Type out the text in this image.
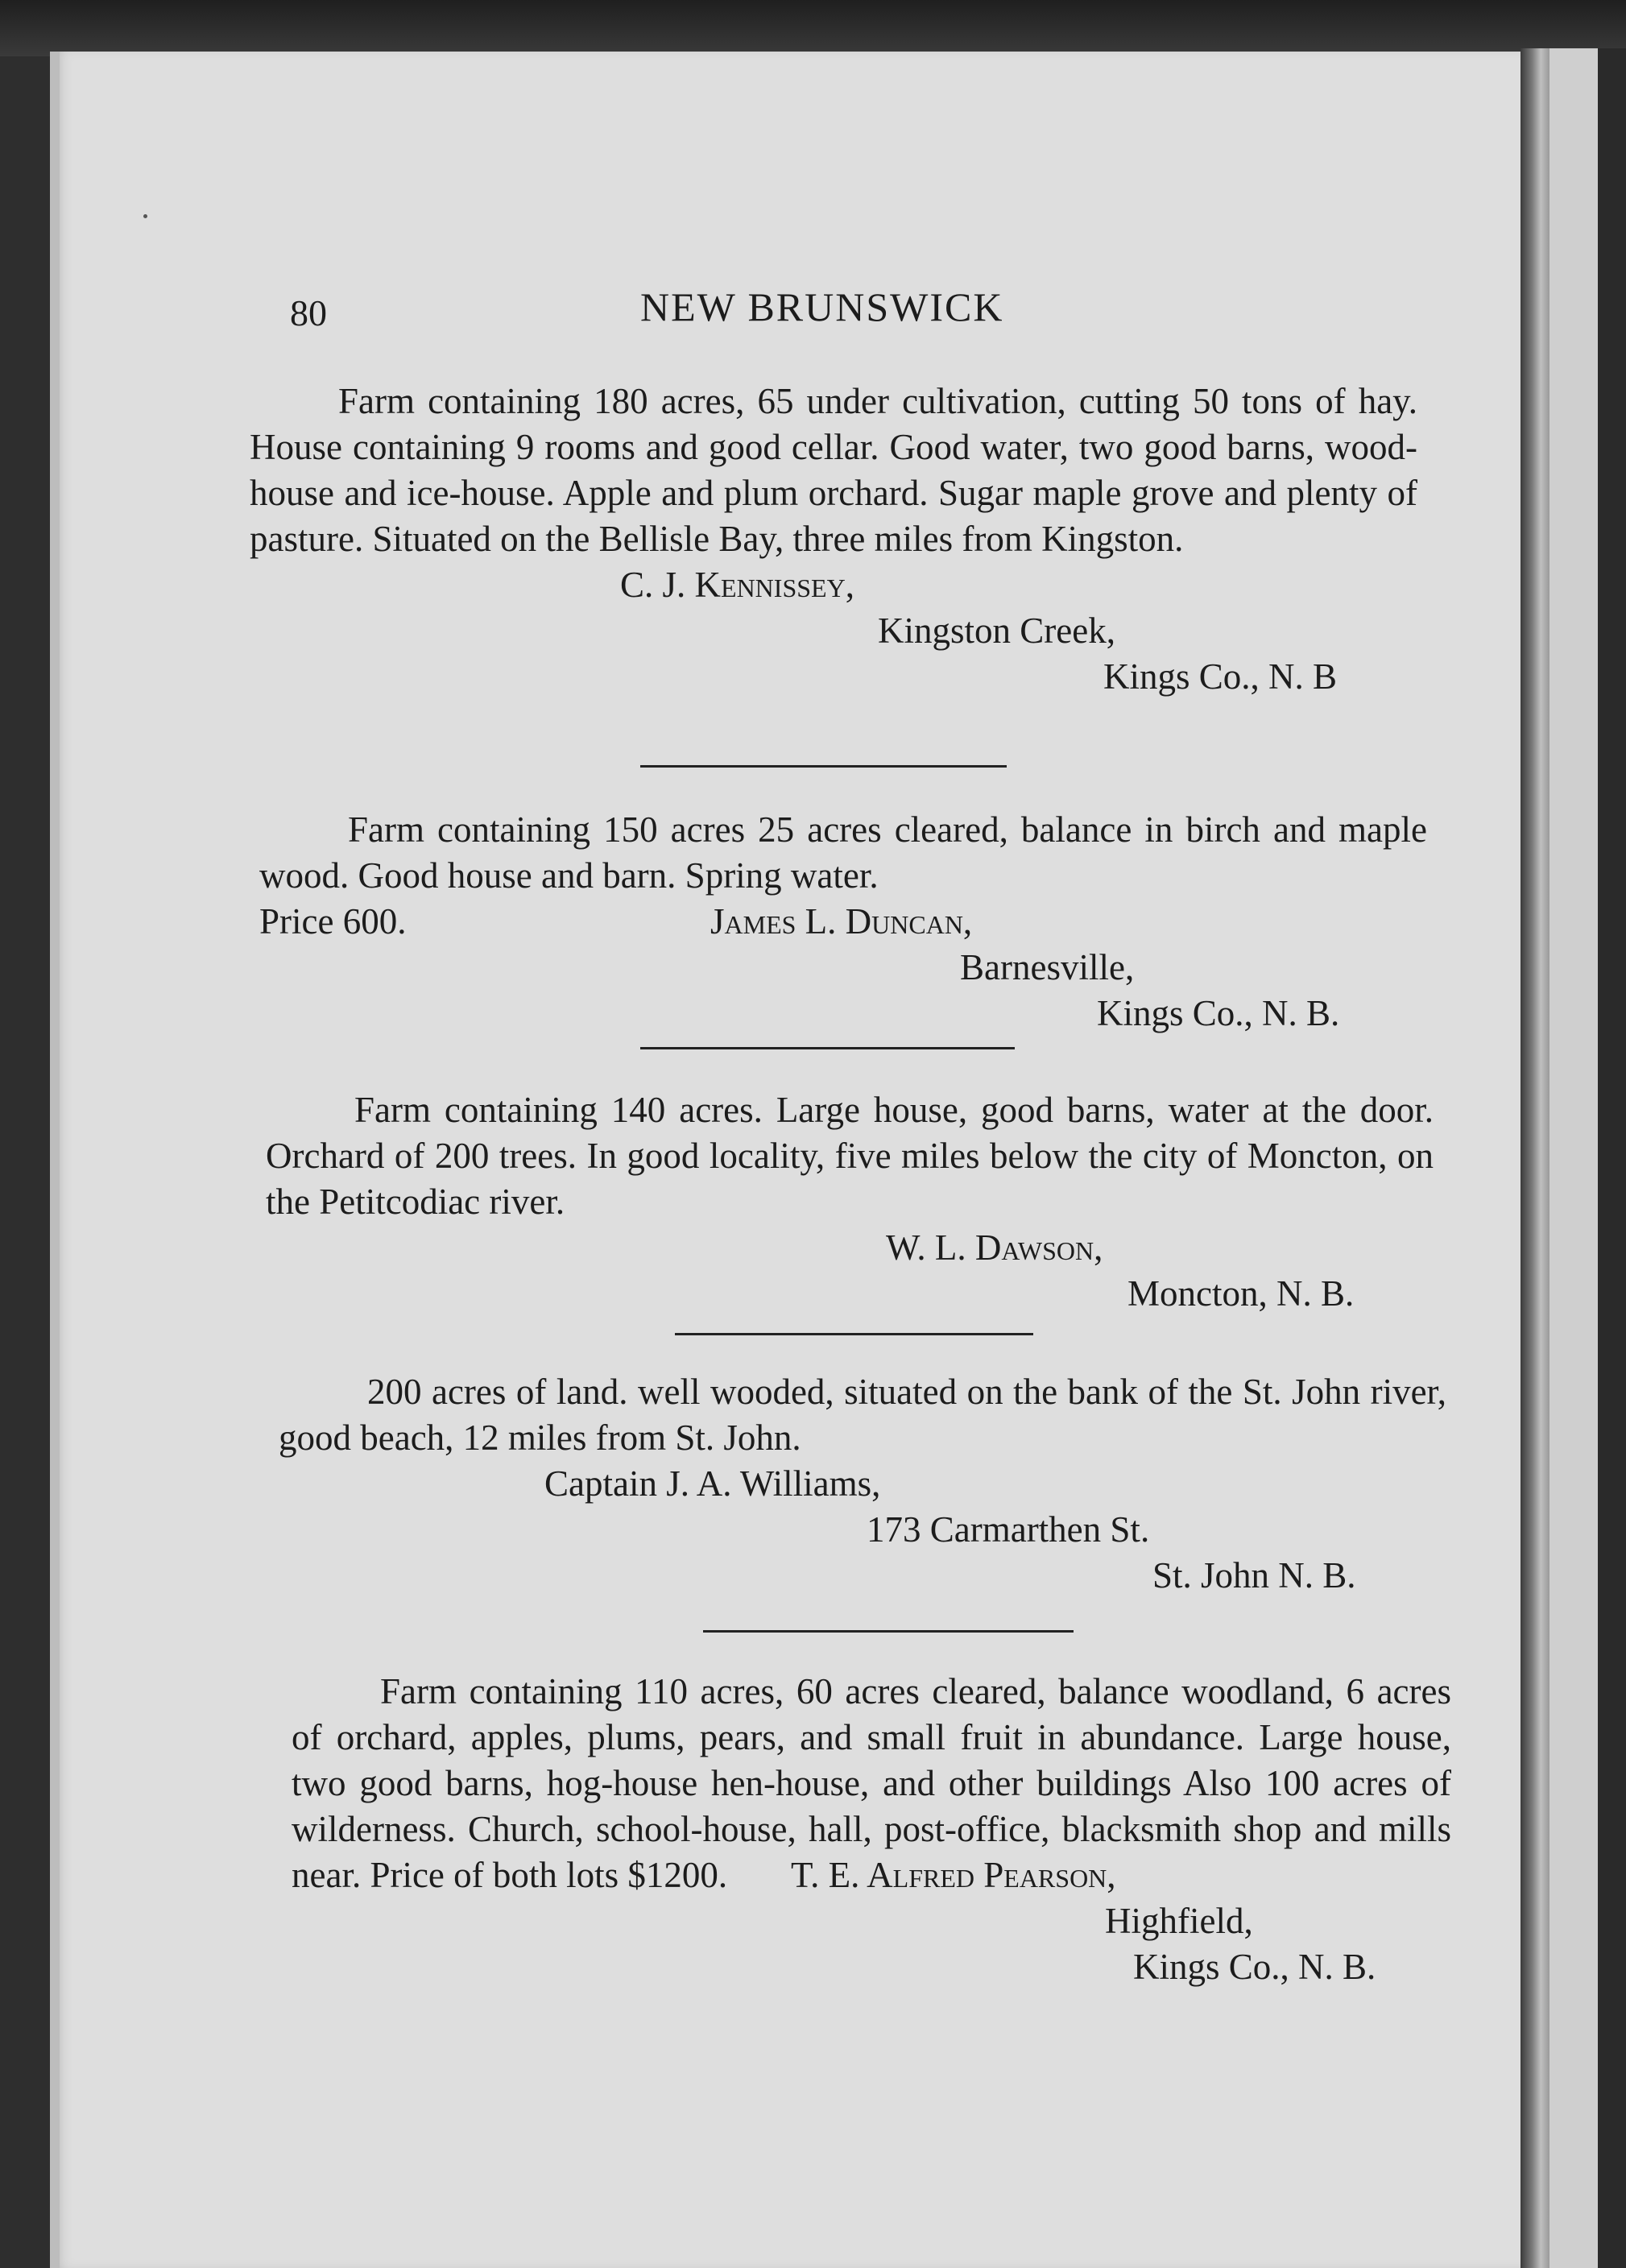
80	NEW BRUNSWICK

Farm containing 180 acres, 65 under cultivation, cutting 50 tons of hay. House containing 9 rooms and good cellar. Good water, two good barns, wood-house and ice-house. Apple and plum orchard. Sugar maple grove and plenty of pasture. Situated on the Bellisle Bay, three miles from Kingston.

C. J. Kennissey,
Kingston Creek,
Kings Co., N. B

Farm containing 150 acres 25 acres cleared, balance in birch and maple wood. Good house and barn. Spring water.

Price 600.	James L. Duncan,
Barnesville,
Kings Co., N. B.

Farm containing 140 acres. Large house, good barns, water at the door. Orchard of 200 trees. In good locality, five miles below the city of Moncton, on the Petitcodiac river.

W. L. Dawson,
Moncton, N. B.

200 acres of land. well wooded, situated on the bank of the St. John river, good beach, 12 miles from St. John.

Captain J. A. Williams,
173 Carmarthen St.
St. John N. B.

Farm containing 110 acres, 60 acres cleared, balance woodland, 6 acres of orchard, apples, plums, pears, and small fruit in abundance. Large house, two good barns, hog-house hen-house, and other buildings Also 100 acres of wilderness. Church, school-house, hall, post-office, blacksmith shop and mills near. Price of both lots $1200.	T. E. Alfred Pearson,
Highfield,
Kings Co., N. B.
